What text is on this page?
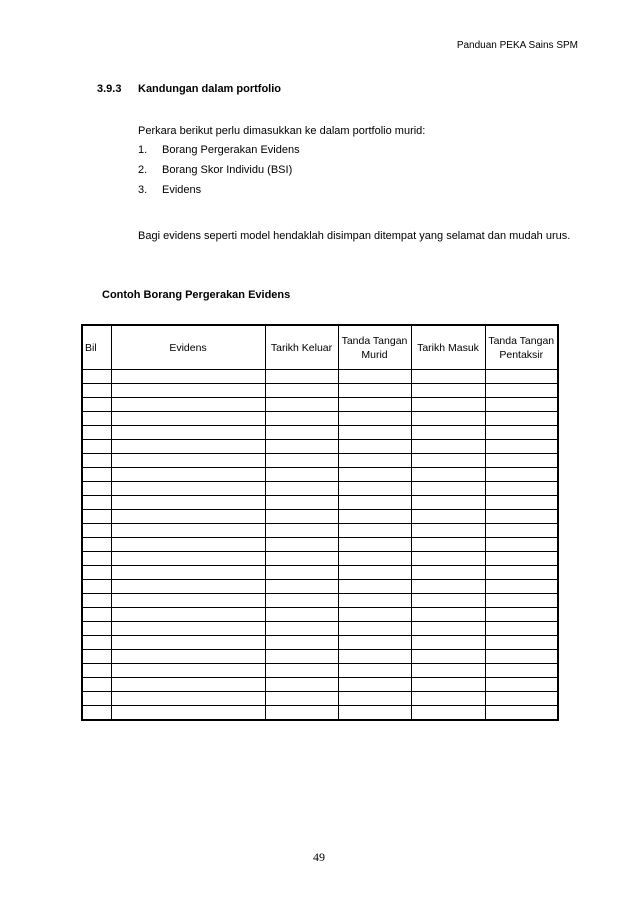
Panduan PEKA Sains SPM
3.9.3 Kandungan dalam portfolio
Perkara berikut perlu dimasukkan ke dalam portfolio murid:
1.	Borang Pergerakan Evidens
2.	Borang Skor Individu (BSI)
3.	Evidens
Bagi evidens seperti model hendaklah disimpan ditempat yang selamat dan mudah urus.
Contoh Borang Pergerakan Evidens
Bil	Evidens	Tarikh Keluar	Tanda Tangan Murid	Tarikh Masuk	Tanda Tangan Pentaksir

49
